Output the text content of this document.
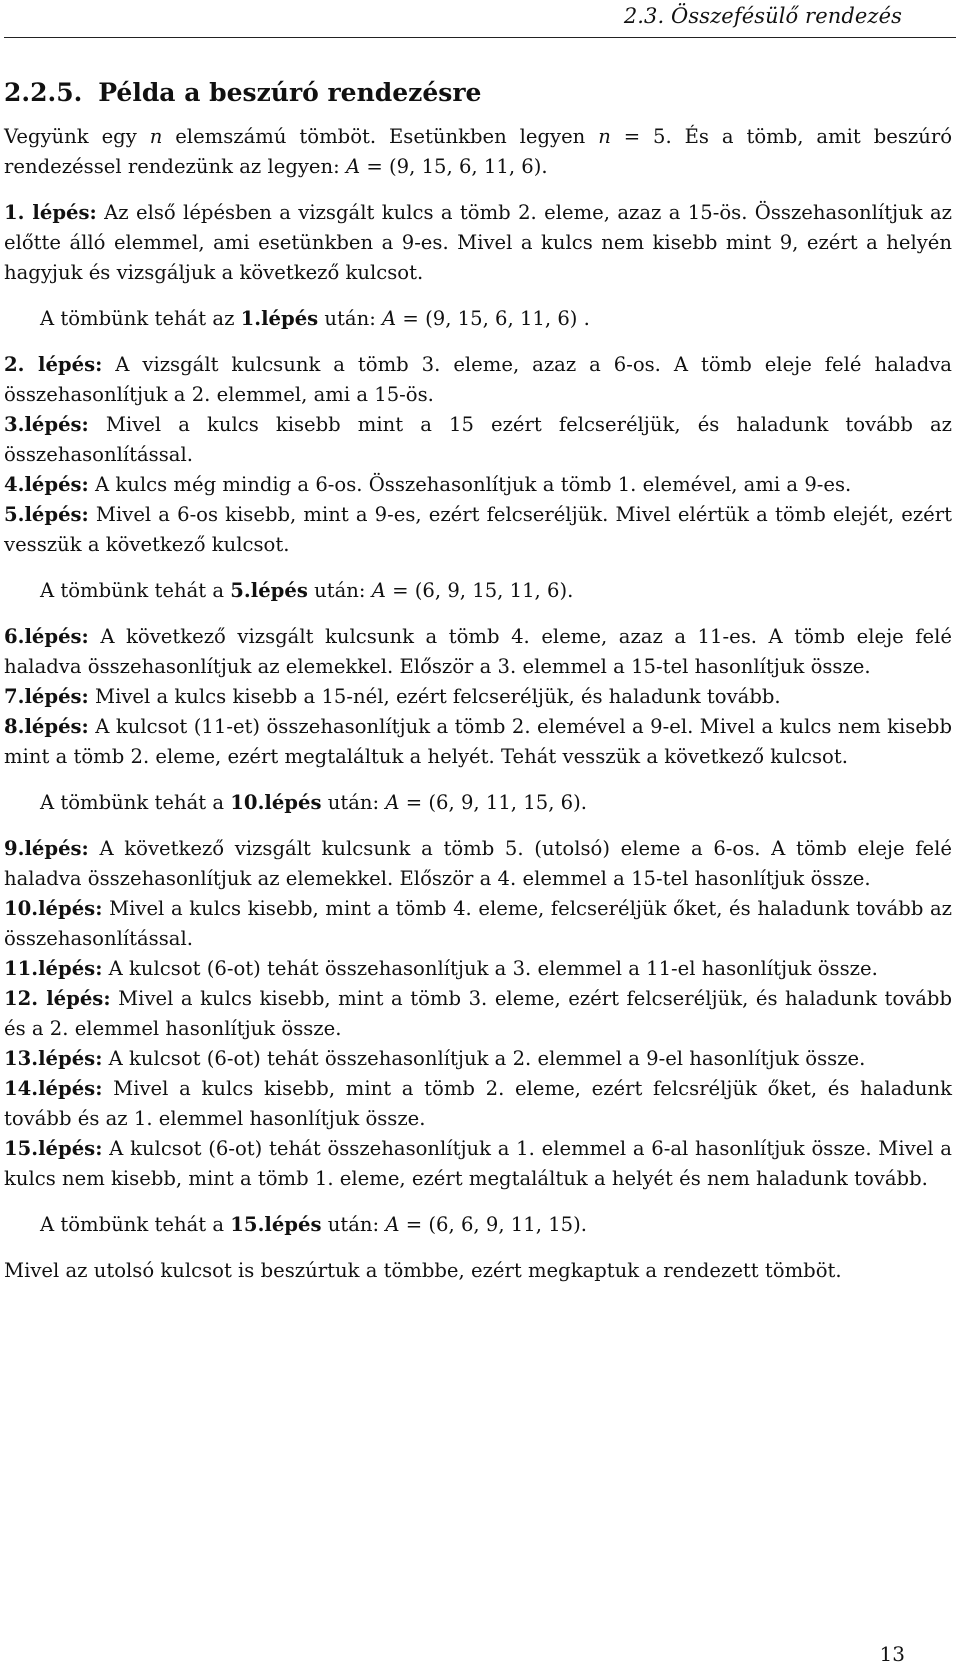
2.3. Összefésülő rendezés
2.2.5. Példa a beszúró rendezésre

Vegyünk egy n elemszámú tömböt. Esetünkben legyen n = 5. És a tömb, amit beszúró rendezéssel rendezünk az legyen: A = (9, 15, 6, 11, 6).

1. lépés: Az első lépésben a vizsgált kulcs a tömb 2. eleme, azaz a 15-ös. Összehasonlítjuk az előtte álló elemmel, ami esetünkben a 9-es. Mivel a kulcs nem kisebb mint 9, ezért a helyén hagyjuk és vizsgáljuk a következő kulcsot.

A tömbünk tehát az 1.lépés után: A = (9, 15, 6, 11, 6) .

2. lépés: A vizsgált kulcsunk a tömb 3. eleme, azaz a 6-os. A tömb eleje felé haladva összehasonlítjuk a 2. elemmel, ami a 15-ös.

3.lépés: Mivel a kulcs kisebb mint a 15 ezért felcseréljük, és haladunk tovább az összehasonlítással.

4.lépés: A kulcs még mindig a 6-os. Összehasonlítjuk a tömb 1. elemével, ami a 9-es.

5.lépés: Mivel a 6-os kisebb, mint a 9-es, ezért felcseréljük. Mivel elértük a tömb elejét, ezért vesszük a következő kulcsot.

A tömbünk tehát a 5.lépés után: A = (6, 9, 15, 11, 6).

6.lépés: A következő vizsgált kulcsunk a tömb 4. eleme, azaz a 11-es. A tömb eleje felé haladva összehasonlítjuk az elemekkel. Először a 3. elemmel a 15-tel hasonlítjuk össze.

7.lépés: Mivel a kulcs kisebb a 15-nél, ezért felcseréljük, és haladunk tovább.

8.lépés: A kulcsot (11-et) összehasonlítjuk a tömb 2. elemével a 9-el. Mivel a kulcs nem kisebb mint a tömb 2. eleme, ezért megtaláltuk a helyét. Tehát vesszük a következő kulcsot.

A tömbünk tehát a 10.lépés után: A = (6, 9, 11, 15, 6).

9.lépés: A következő vizsgált kulcsunk a tömb 5. (utolsó) eleme a 6-os. A tömb eleje felé haladva összehasonlítjuk az elemekkel. Először a 4. elemmel a 15-tel hasonlítjuk össze.

10.lépés: Mivel a kulcs kisebb, mint a tömb 4. eleme, felcseréljük őket, és haladunk tovább az összehasonlítással.

11.lépés: A kulcsot (6-ot) tehát összehasonlítjuk a 3. elemmel a 11-el hasonlítjuk össze.

12. lépés: Mivel a kulcs kisebb, mint a tömb 3. eleme, ezért felcseréljük, és haladunk tovább és a 2. elemmel hasonlítjuk össze.

13.lépés: A kulcsot (6-ot) tehát összehasonlítjuk a 2. elemmel a 9-el hasonlítjuk össze.

14.lépés: Mivel a kulcs kisebb, mint a tömb 2. eleme, ezért felcsréljük őket, és haladunk tovább és az 1. elemmel hasonlítjuk össze.

15.lépés: A kulcsot (6-ot) tehát összehasonlítjuk a 1. elemmel a 6-al hasonlítjuk össze. Mivel a kulcs nem kisebb, mint a tömb 1. eleme, ezért megtaláltuk a helyét és nem haladunk tovább.

A tömbünk tehát a 15.lépés után: A = (6, 6, 9, 11, 15).

Mivel az utolsó kulcsot is beszúrtuk a tömbbe, ezért megkaptuk a rendezett tömböt.

13
